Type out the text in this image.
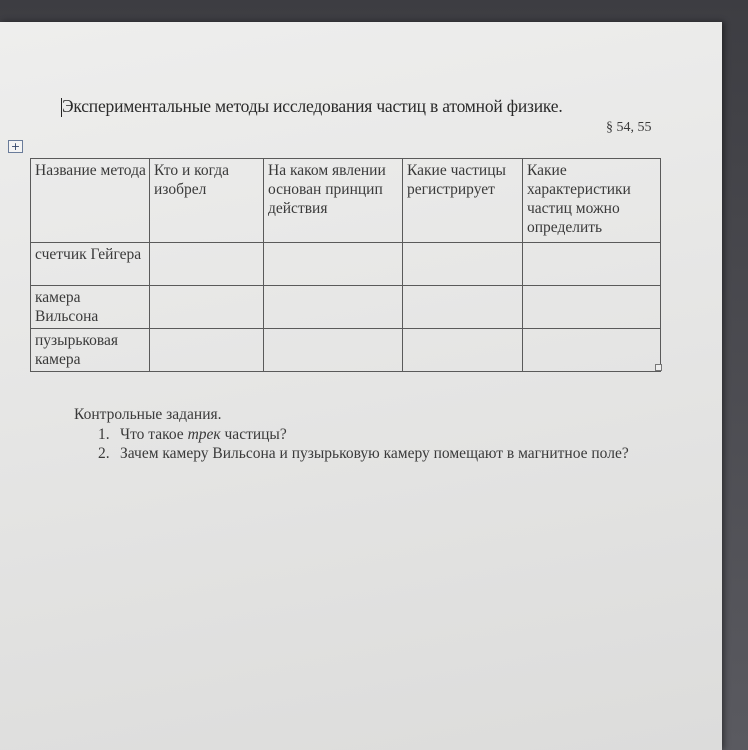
Экспериментальные методы исследования частиц в атомной физике.

§ 54, 55

+
Название метода	Кто и когда изобрел	На каком явлении основан принцип действия	Какие частицы регистрирует	Какие характеристики частиц можно определить
счетчик Гейгера				
камера Вильсона				
пузырьковая камера				

Контрольные задания.

Что такое трек частицы?
Зачем камеру Вильсона и пузырьковую камеру помещают в магнитное поле?
